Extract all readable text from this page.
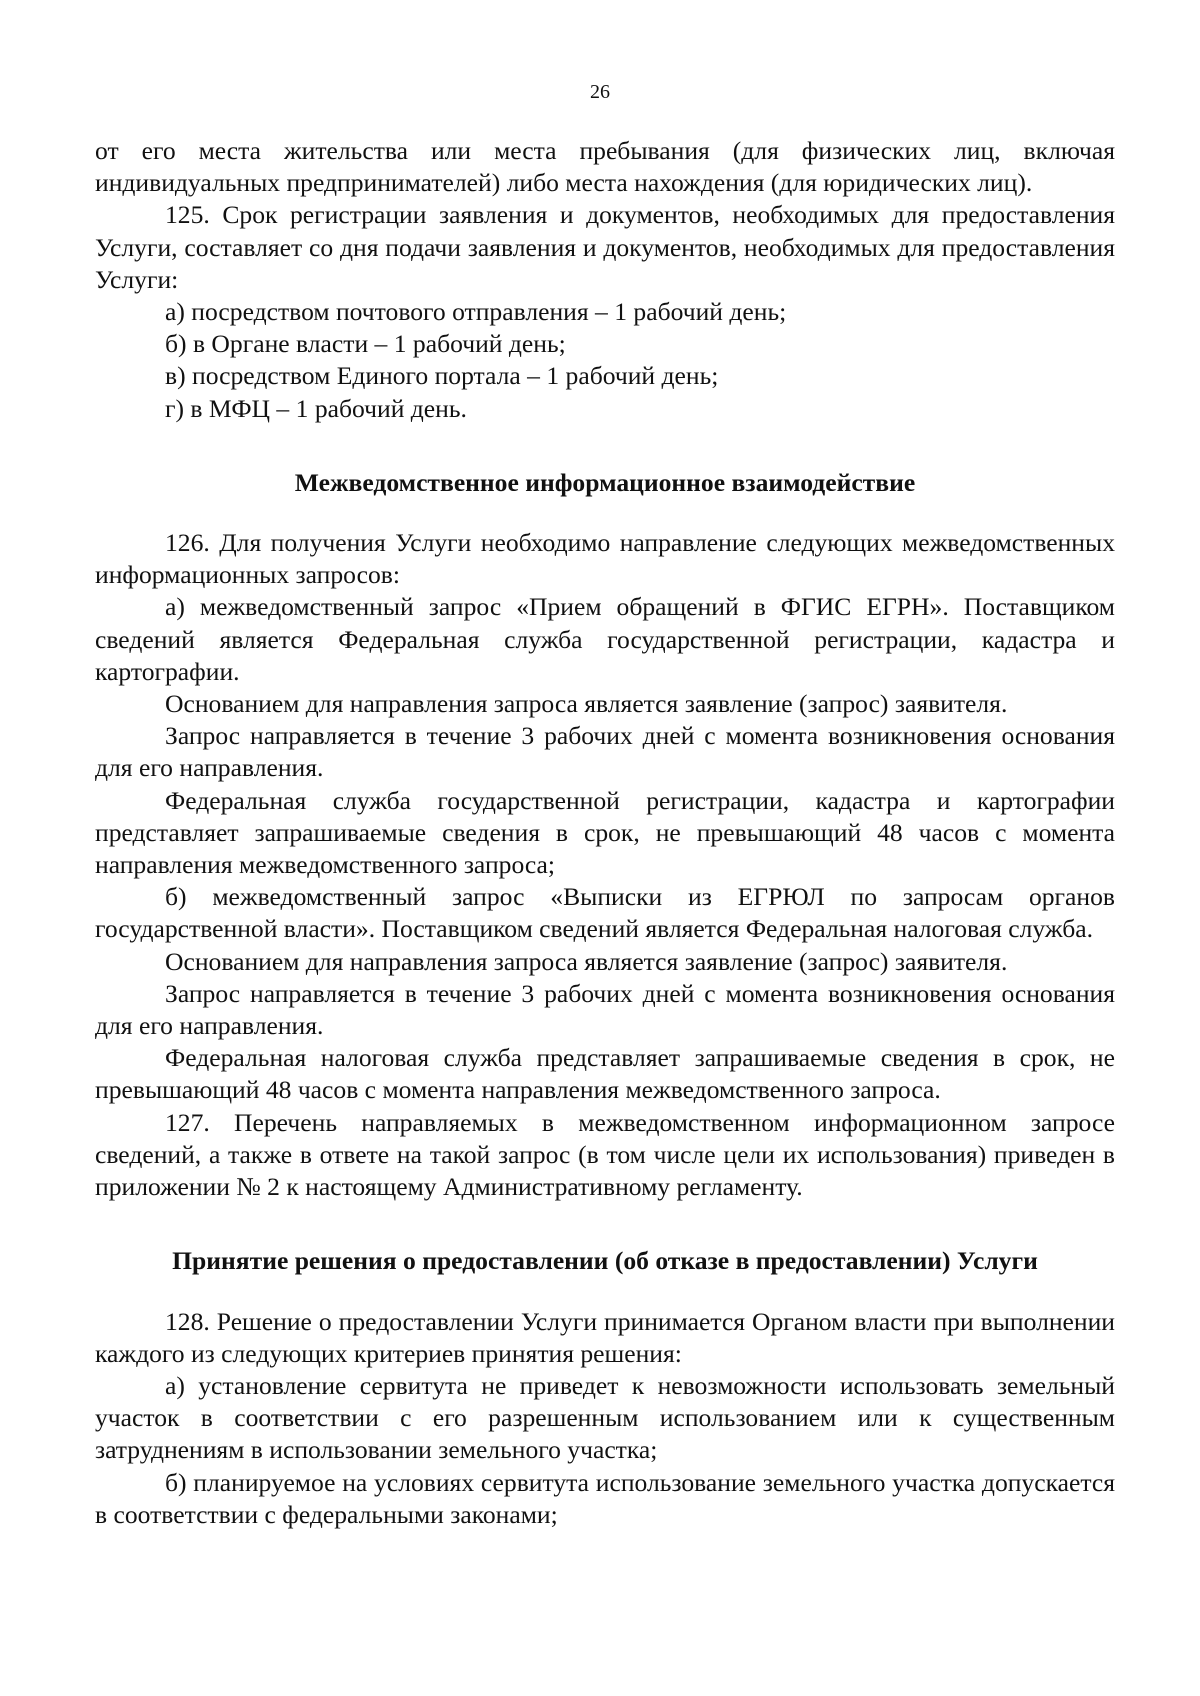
26

от его места жительства или места пребывания (для физических лиц, включая индивидуальных предпринимателей) либо места нахождения (для юридических лиц).

125. Срок регистрации заявления и документов, необходимых для предоставления Услуги, составляет со дня подачи заявления и документов, необходимых для предоставления Услуги:

а) посредством почтового отправления – 1 рабочий день;

б) в Органе власти – 1 рабочий день;

в) посредством Единого портала – 1 рабочий день;

г) в МФЦ – 1 рабочий день.

Межведомственное информационное взаимодействие

126. Для получения Услуги необходимо направление следующих межведомственных информационных запросов:

а) межведомственный запрос «Прием обращений в ФГИС ЕГРН». Поставщиком сведений является Федеральная служба государственной регистрации, кадастра и картографии.

Основанием для направления запроса является заявление (запрос) заявителя.

Запрос направляется в течение 3 рабочих дней с момента возникновения основания для его направления.

Федеральная служба государственной регистрации, кадастра и картографии представляет запрашиваемые сведения в срок, не превышающий 48 часов с момента направления межведомственного запроса;

б) межведомственный запрос «Выписки из ЕГРЮЛ по запросам органов государственной власти». Поставщиком сведений является Федеральная налоговая служба.

Основанием для направления запроса является заявление (запрос) заявителя.

Запрос направляется в течение 3 рабочих дней с момента возникновения основания для его направления.

Федеральная налоговая служба представляет запрашиваемые сведения в срок, не превышающий 48 часов с момента направления межведомственного запроса.

127. Перечень направляемых в межведомственном информационном запросе сведений, а также в ответе на такой запрос (в том числе цели их использования) приведен в приложении № 2 к настоящему Административному регламенту.

Принятие решения о предоставлении (об отказе в предоставлении) Услуги

128. Решение о предоставлении Услуги принимается Органом власти при выполнении каждого из следующих критериев принятия решения:

а) установление сервитута не приведет к невозможности использовать земельный участок в соответствии с его разрешенным использованием или к существенным затруднениям в использовании земельного участка;

б) планируемое на условиях сервитута использование земельного участка допускается в соответствии с федеральными законами;
